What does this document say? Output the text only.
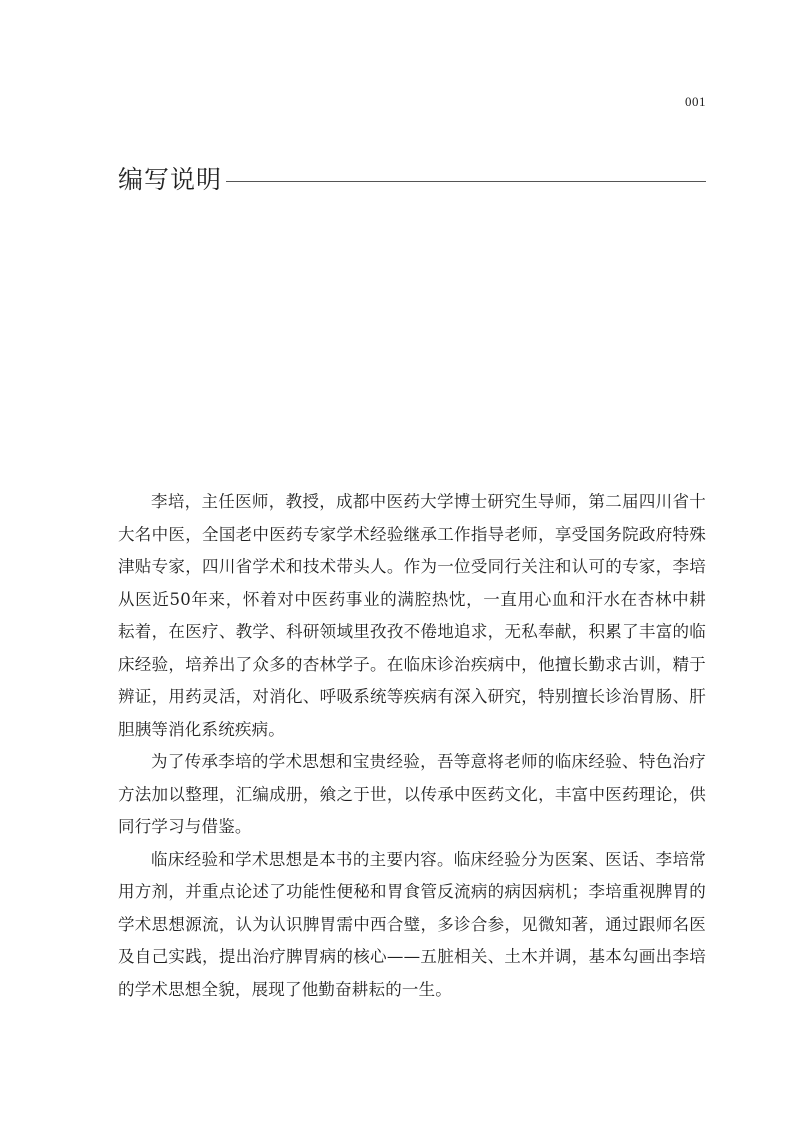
001
编写说明

李培，主任医师，教授，成都中医药大学博士研究生导师，第二届四川省十大名中医，全国老中医药专家学术经验继承工作指导老师，享受国务院政府特殊津贴专家，四川省学术和技术带头人。作为一位受同行关注和认可的专家，李培从医近50年来，怀着对中医药事业的满腔热忱，一直用心血和汗水在杏林中耕耘着，在医疗、教学、科研领域里孜孜不倦地追求，无私奉献，积累了丰富的临床经验，培养出了众多的杏林学子。在临床诊治疾病中，他擅长勤求古训，精于辨证，用药灵活，对消化、呼吸系统等疾病有深入研究，特别擅长诊治胃肠、肝胆胰等消化系统疾病。

为了传承李培的学术思想和宝贵经验，吾等意将老师的临床经验、特色治疗方法加以整理，汇编成册，飨之于世，以传承中医药文化，丰富中医药理论，供同行学习与借鉴。

临床经验和学术思想是本书的主要内容。临床经验分为医案、医话、李培常用方剂，并重点论述了功能性便秘和胃食管反流病的病因病机；李培重视脾胃的学术思想源流，认为认识脾胃需中西合璧，多诊合参，见微知著，通过跟师名医及自己实践，提出治疗脾胃病的核心——五脏相关、土木并调，基本勾画出李培的学术思想全貌，展现了他勤奋耕耘的一生。
